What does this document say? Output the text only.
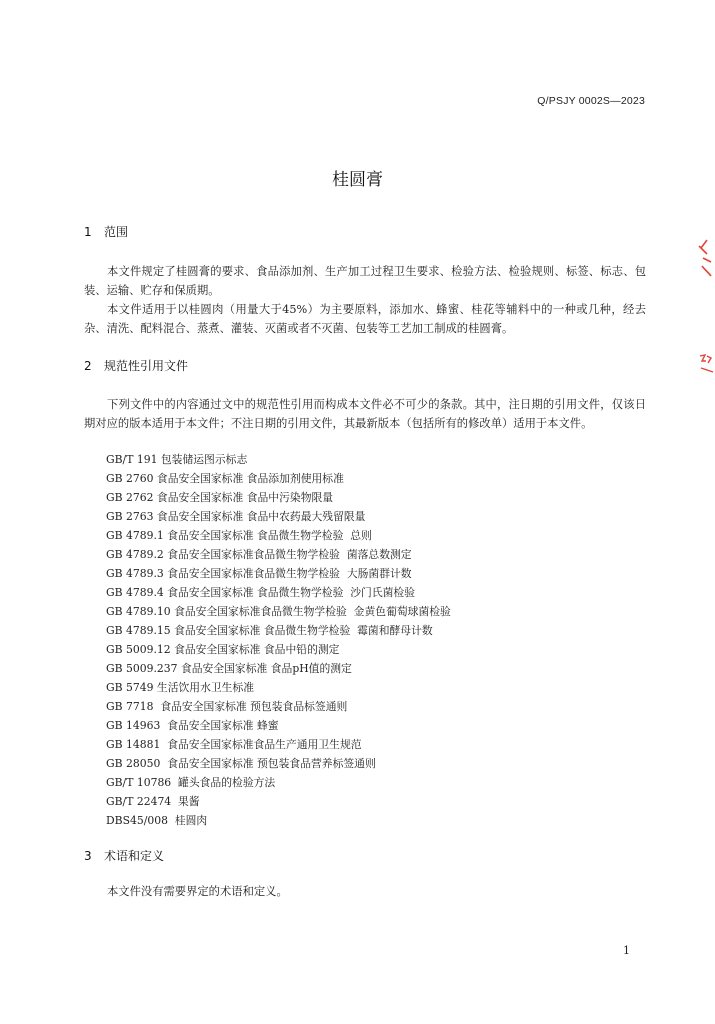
Q/PSJY 0002S—2023
桂圆膏
1 范围

本文件规定了桂圆膏的要求、食品添加剂、生产加工过程卫生要求、检验方法、检验规则、标签、标志、包装、运输、贮存和保质期。

本文件适用于以桂圆肉（用量大于45%）为主要原料，添加水、蜂蜜、桂花等辅料中的一种或几种，经去杂、清洗、配料混合、蒸煮、灌装、灭菌或者不灭菌、包装等工艺加工制成的桂圆膏。

2 规范性引用文件

下列文件中的内容通过文中的规范性引用而构成本文件必不可少的条款。其中，注日期的引用文件，仅该日期对应的版本适用于本文件；不注日期的引用文件，其最新版本（包括所有的修改单）适用于本文件。

GB/T 191 包装储运图示标志
GB 2760 食品安全国家标准 食品添加剂使用标准
GB 2762 食品安全国家标准 食品中污染物限量
GB 2763 食品安全国家标准 食品中农药最大残留限量
GB 4789.1 食品安全国家标准 食品微生物学检验  总则
GB 4789.2 食品安全国家标准食品微生物学检验  菌落总数测定
GB 4789.3 食品安全国家标准食品微生物学检验  大肠菌群计数
GB 4789.4 食品安全国家标准 食品微生物学检验  沙门氏菌检验
GB 4789.10 食品安全国家标准食品微生物学检验  金黄色葡萄球菌检验
GB 4789.15 食品安全国家标准 食品微生物学检验  霉菌和酵母计数
GB 5009.12 食品安全国家标准 食品中铅的测定
GB 5009.237 食品安全国家标准 食品pH值的测定
GB 5749 生活饮用水卫生标准
GB 7718  食品安全国家标准 预包装食品标签通则
GB 14963  食品安全国家标准 蜂蜜
GB 14881  食品安全国家标准食品生产通用卫生规范
GB 28050  食品安全国家标准 预包装食品营养标签通则
GB/T 10786  罐头食品的检验方法
GB/T 22474  果酱
DBS45/008  桂圆肉
3 术语和定义

本文件没有需要界定的术语和定义。

1
